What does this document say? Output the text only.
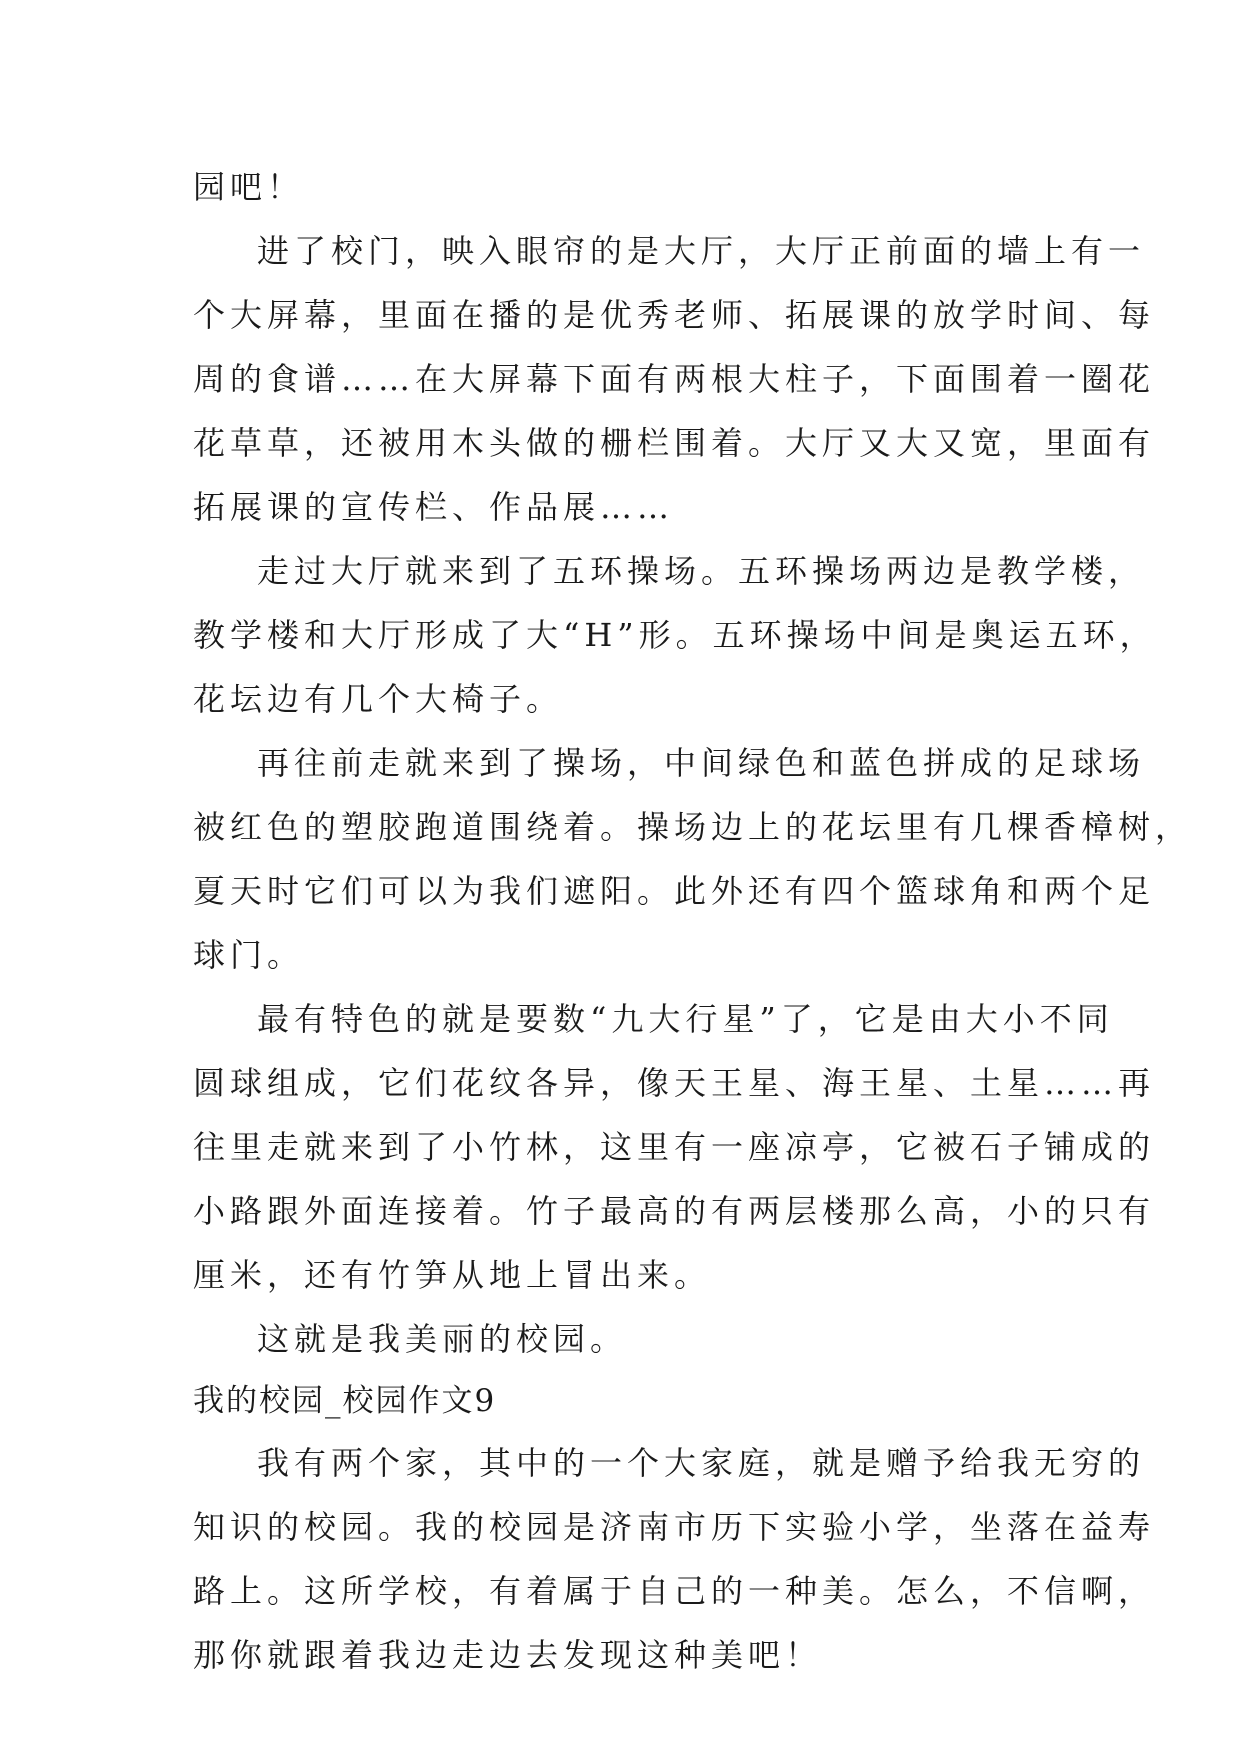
园吧！
进了校门，映入眼帘的是大厅，大厅正前面的墙上有一
个大屏幕，里面在播的是优秀老师、拓展课的放学时间、每
周的食谱……在大屏幕下面有两根大柱子，下面围着一圈花
花草草，还被用木头做的栅栏围着。大厅又大又宽，里面有
拓展课的宣传栏、作品展……
走过大厅就来到了五环操场。五环操场两边是教学楼，
教学楼和大厅形成了大“H”形。五环操场中间是奥运五环，
花坛边有几个大椅子。
再往前走就来到了操场，中间绿色和蓝色拼成的足球场
被红色的塑胶跑道围绕着。操场边上的花坛里有几棵香樟树，
夏天时它们可以为我们遮阳。此外还有四个篮球角和两个足
球门。
最有特色的就是要数“九大行星”了，它是由大小不同
圆球组成，它们花纹各异，像天王星、海王星、土星……再
往里走就来到了小竹林，这里有一座凉亭，它被石子铺成的
小路跟外面连接着。竹子最高的有两层楼那么高，小的只有
厘米，还有竹笋从地上冒出来。
这就是我美丽的校园。
我的校园_校园作文9
我有两个家，其中的一个大家庭，就是赠予给我无穷的
知识的校园。我的校园是济南市历下实验小学，坐落在益寿
路上。这所学校，有着属于自己的一种美。怎么，不信啊，
那你就跟着我边走边去发现这种美吧！
